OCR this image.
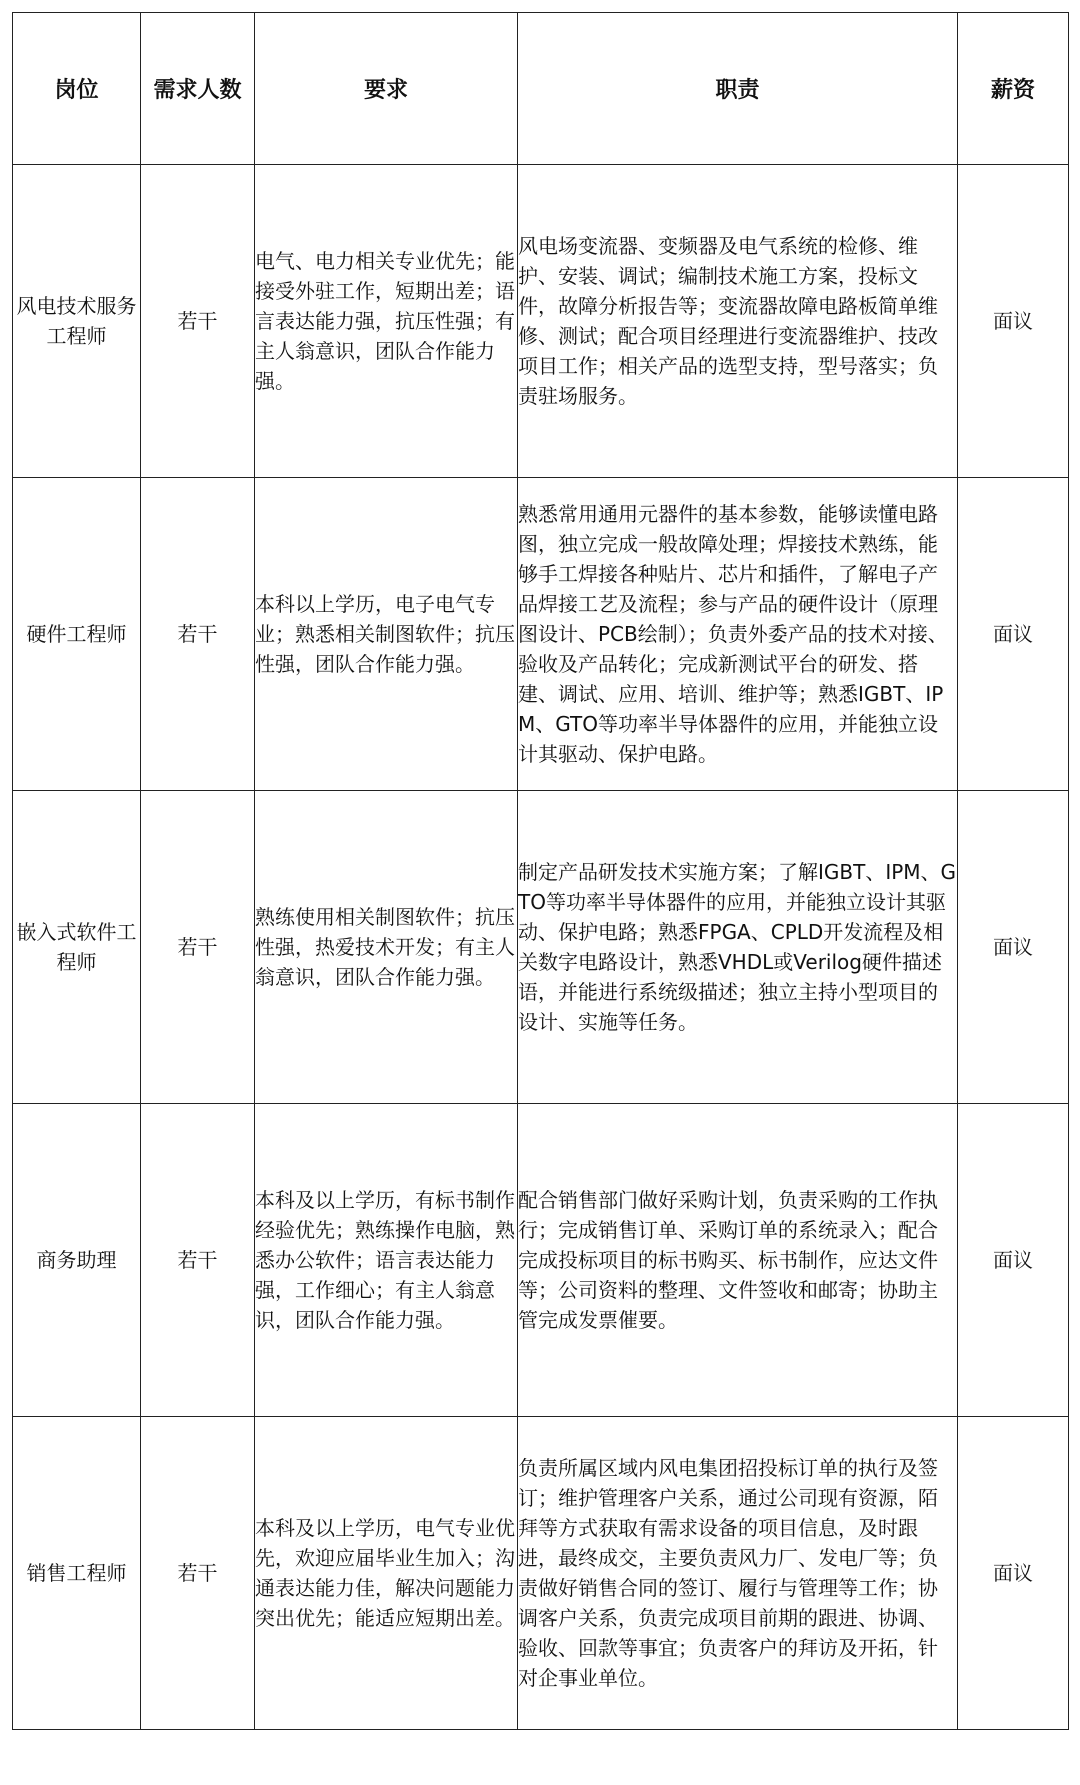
岗位	需求人数	要求	职责	薪资
风电技术服务工程师	若干	电气、电力相关专业优先；能接受外驻工作，短期出差；语言表达能力强，抗压性强；有主人翁意识，团队合作能力强。	风电场变流器、变频器及电气系统的检修、维护、安装、调试；编制技术施工方案，投标文件，故障分析报告等；变流器故障电路板简单维修、测试；配合项目经理进行变流器维护、技改项目工作；相关产品的选型支持，型号落实；负责驻场服务。	面议
硬件工程师	若干	本科以上学历，电子电气专业；熟悉相关制图软件；抗压性强，团队合作能力强。	熟悉常用通用元器件的基本参数，能够读懂电路图，独立完成一般故障处理；焊接技术熟练，能够手工焊接各种贴片、芯片和插件，了解电子产品焊接工艺及流程；参与产品的硬件设计（原理图设计、PCB绘制）；负责外委产品的技术对接、验收及产品转化；完成新测试平台的研发、搭建、调试、应用、培训、维护等；熟悉IGBT、IPM、GTO等功率半导体器件的应用，并能独立设计其驱动、保护电路。	面议
嵌入式软件工程师	若干	熟练使用相关制图软件；抗压性强，热爱技术开发；有主人翁意识，团队合作能力强。	制定产品研发技术实施方案；了解IGBT、IPM、GTO等功率半导体器件的应用，并能独立设计其驱动、保护电路；熟悉FPGA、CPLD开发流程及相关数字电路设计，熟悉VHDL或Verilog硬件描述语，并能进行系统级描述；独立主持小型项目的设计、实施等任务。	面议
商务助理	若干	本科及以上学历，有标书制作经验优先；熟练操作电脑，熟悉办公软件；语言表达能力强，工作细心；有主人翁意识，团队合作能力强。	配合销售部门做好采购计划，负责采购的工作执行；完成销售订单、采购订单的系统录入；配合完成投标项目的标书购买、标书制作，应达文件等；公司资料的整理、文件签收和邮寄；协助主管完成发票催要。	面议
销售工程师	若干	本科及以上学历，电气专业优先，欢迎应届毕业生加入；沟通表达能力佳，解决问题能力突出优先；能适应短期出差。	负责所属区域内风电集团招投标订单的执行及签订；维护管理客户关系，通过公司现有资源，陌拜等方式获取有需求设备的项目信息，及时跟进，最终成交，主要负责风力厂、发电厂等；负责做好销售合同的签订、履行与管理等工作；协调客户关系，负责完成项目前期的跟进、协调、验收、回款等事宜；负责客户的拜访及开拓，针对企事业单位。	面议
